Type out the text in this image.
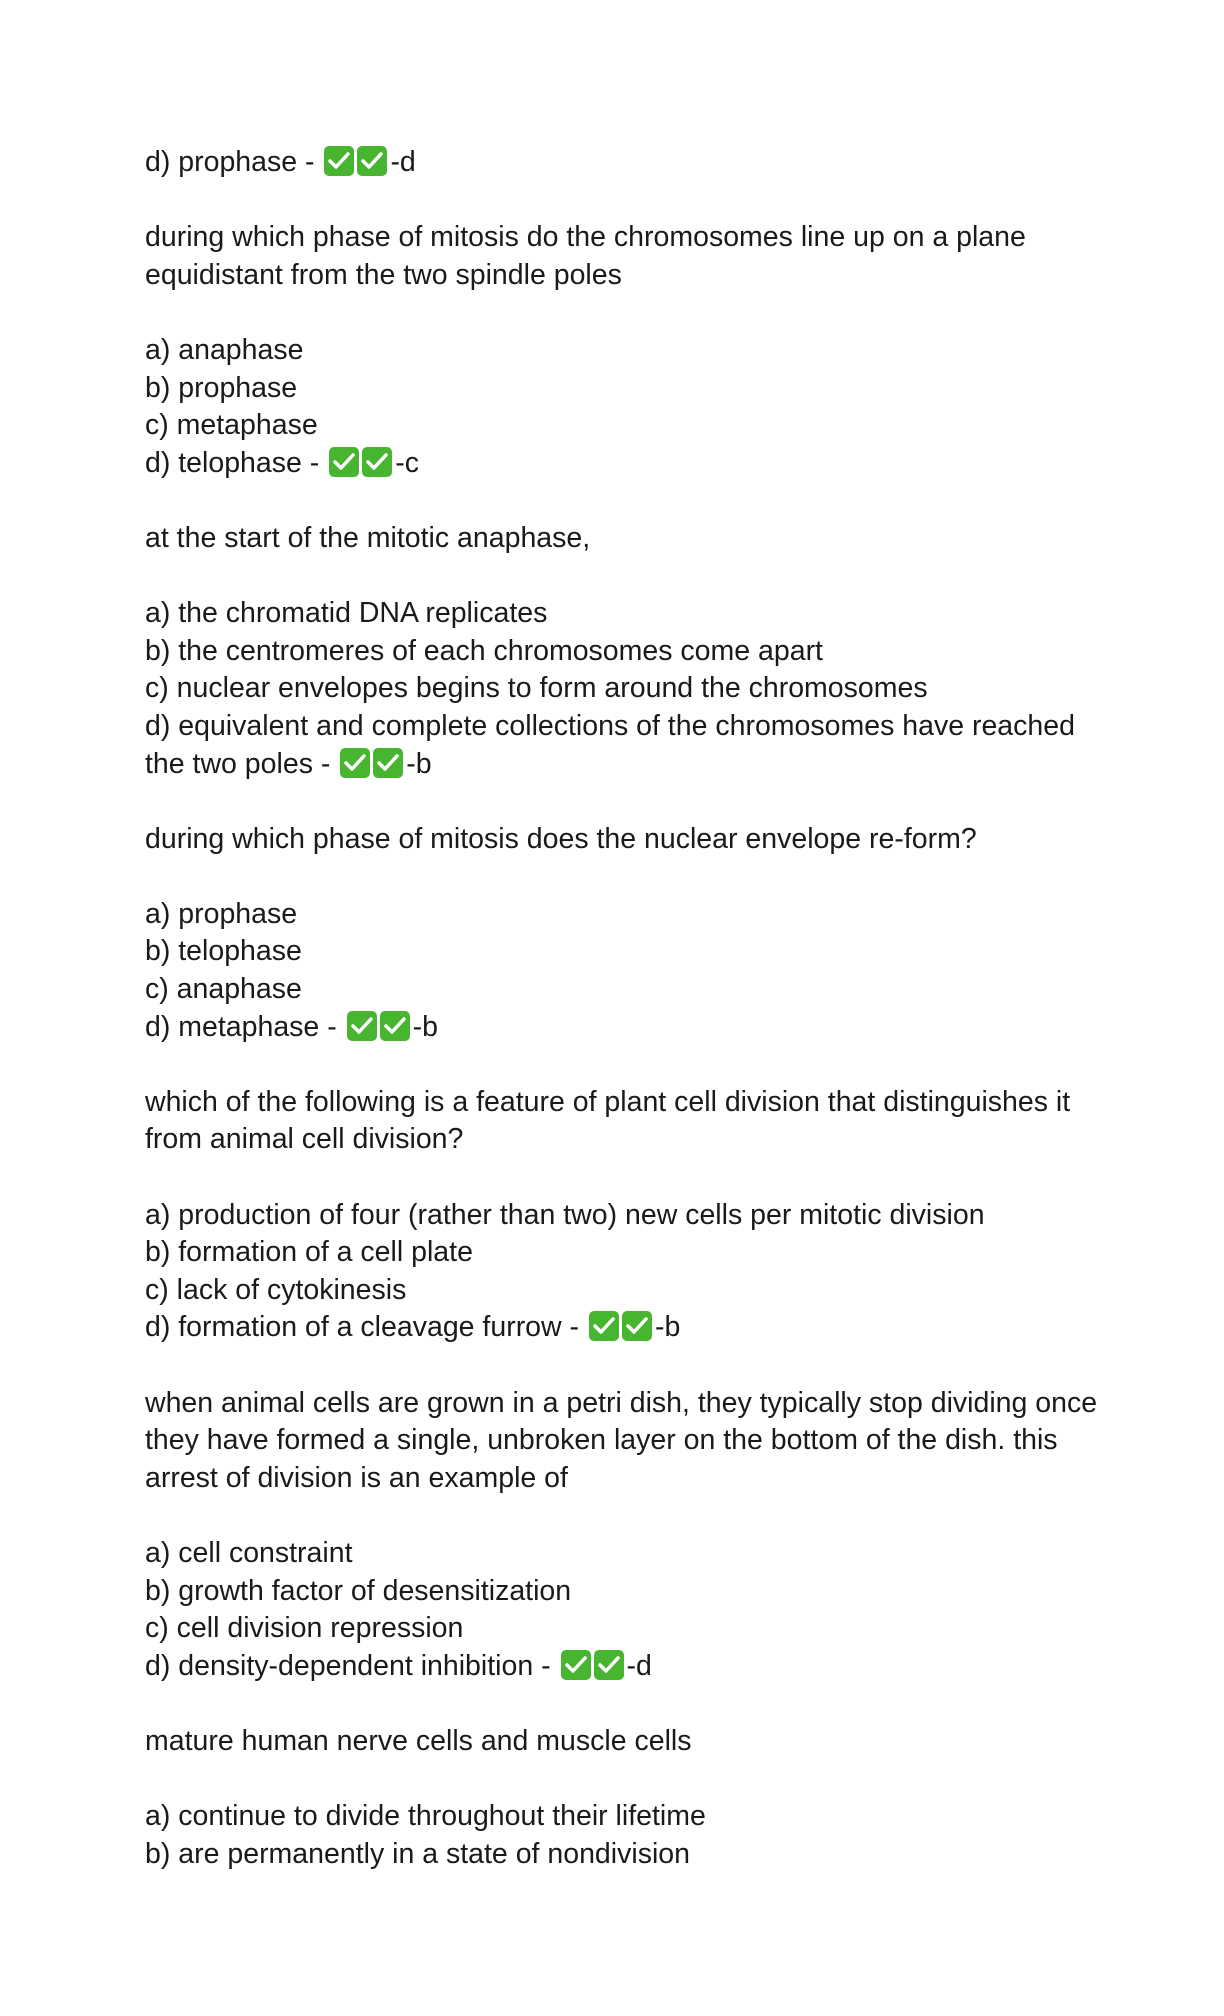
d) prophase -
-d
during which phase of mitosis do the chromosomes line up on a plane
equidistant from the two spindle poles
a) anaphase
b) prophase
c) metaphase
d) telophase -
-c
at the start of the mitotic anaphase,
a) the chromatid DNA replicates
b) the centromeres of each chromosomes come apart
c) nuclear envelopes begins to form around the chromosomes
d) equivalent and complete collections of the chromosomes have reached
the two poles -
-b
during which phase of mitosis does the nuclear envelope re-form?
a) prophase
b) telophase
c) anaphase
d) metaphase -
-b
which of the following is a feature of plant cell division that distinguishes it
from animal cell division?
a) production of four (rather than two) new cells per mitotic division
b) formation of a cell plate
c) lack of cytokinesis
d) formation of a cleavage furrow -
-b
when animal cells are grown in a petri dish, they typically stop dividing once
they have formed a single, unbroken layer on the bottom of the dish. this
arrest of division is an example of
a) cell constraint
b) growth factor of desensitization
c) cell division repression
d) density-dependent inhibition -
-d
mature human nerve cells and muscle cells
a) continue to divide throughout their lifetime
b) are permanently in a state of nondivision
